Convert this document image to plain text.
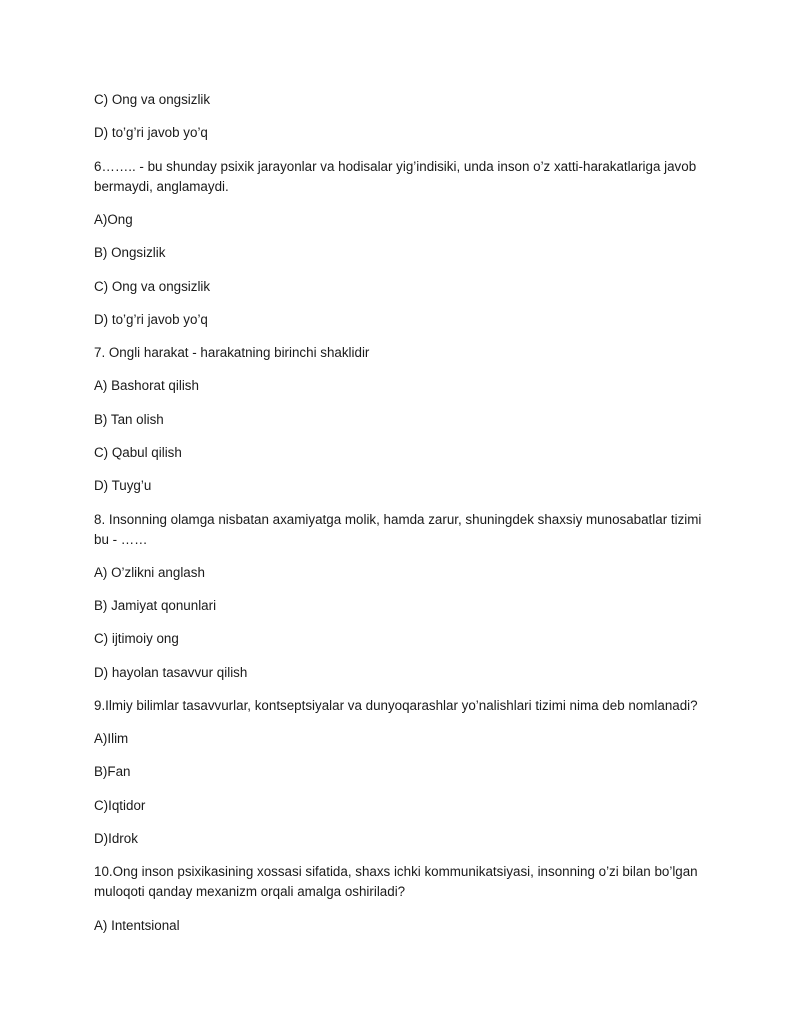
C) Ong va ongsizlik
D) to’g’ri javob yo’q
6…….. - bu shunday psixik jarayonlar va hodisalar yig’indisiki, unda inson o’z xatti-harakatlariga javob bermaydi, anglamaydi.
A)Ong
B) Ongsizlik
C) Ong va ongsizlik
D) to’g’ri javob yo’q
7. Ongli harakat - harakatning birinchi shaklidir
A) Bashorat qilish
B) Tan olish
C) Qabul qilish
D) Tuyg’u
8. Insonning olamga nisbatan axamiyatga molik, hamda zarur, shuningdek shaxsiy munosabatlar tizimi bu - ……
A) O’zlikni anglash
B) Jamiyat qonunlari
C) ijtimoiy ong
D) hayolan tasavvur qilish
9.Ilmiy bilimlar tasavvurlar, kontseptsiyalar va dunyoqarashlar yo’nalishlari tizimi nima deb nomlanadi?
A)Ilim
B)Fan
C)Iqtidor
D)Idrok
10.Ong inson psixikasining xossasi sifatida, shaxs ichki kommunikatsiyasi, insonning o’zi bilan bo’lgan muloqoti qanday mexanizm orqali amalga oshiriladi?
A) Intentsional
